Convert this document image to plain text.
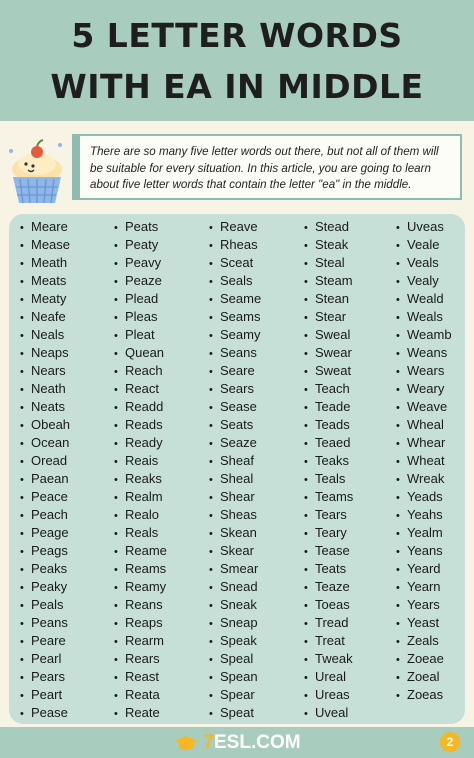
5 LETTER WORDS
WITH EA IN MIDDLE

There are so many five letter words out there, but not all of them will be suitable for every situation. In this article, you are going to learn about five letter words that contain the letter "ea" in the middle.

• Meare
• Mease
• Meath
• Meats
• Meaty
• Neafe
• Neals
• Neaps
• Nears
• Neath
• Neats
• Obeah
• Ocean
• Oread
• Paean
• Peace
• Peach
• Peage
• Peags
• Peaks
• Peaky
• Peals
• Peans
• Peare
• Pearl
• Pears
• Peart
• Pease
• Peats
• Peaty
• Peavy
• Peaze
• Plead
• Pleas
• Pleat
• Quean
• Reach
• React
• Readd
• Reads
• Ready
• Reais
• Reaks
• Realm
• Realo
• Reals
• Reame
• Reams
• Reamy
• Reans
• Reaps
• Rearm
• Rears
• Reast
• Reata
• Reate
• Reave
• Rheas
• Sceat
• Seals
• Seame
• Seams
• Seamy
• Seans
• Seare
• Sears
• Sease
• Seats
• Seaze
• Sheaf
• Sheal
• Shear
• Sheas
• Skean
• Skear
• Smear
• Snead
• Sneak
• Sneap
• Speak
• Speal
• Spean
• Spear
• Speat
• Stead
• Steak
• Steal
• Steam
• Stean
• Stear
• Sweal
• Swear
• Sweat
• Teach
• Teade
• Teads
• Teaed
• Teaks
• Teals
• Teams
• Tears
• Teary
• Tease
• Teats
• Teaze
• Toeas
• Tread
• Treat
• Tweak
• Ureal
• Ureas
• Uveal
• Uveas
• Veale
• Veals
• Vealy
• Weald
• Weals
• Weamb
• Weans
• Wears
• Weary
• Weave
• Wheal
• Whear
• Wheat
• Wreak
• Yeads
• Yeahs
• Yealm
• Yeans
• Yeard
• Yearn
• Years
• Yeast
• Zeals
• Zoeae
• Zoeal
• Zoeas
7ESL.COM	2
